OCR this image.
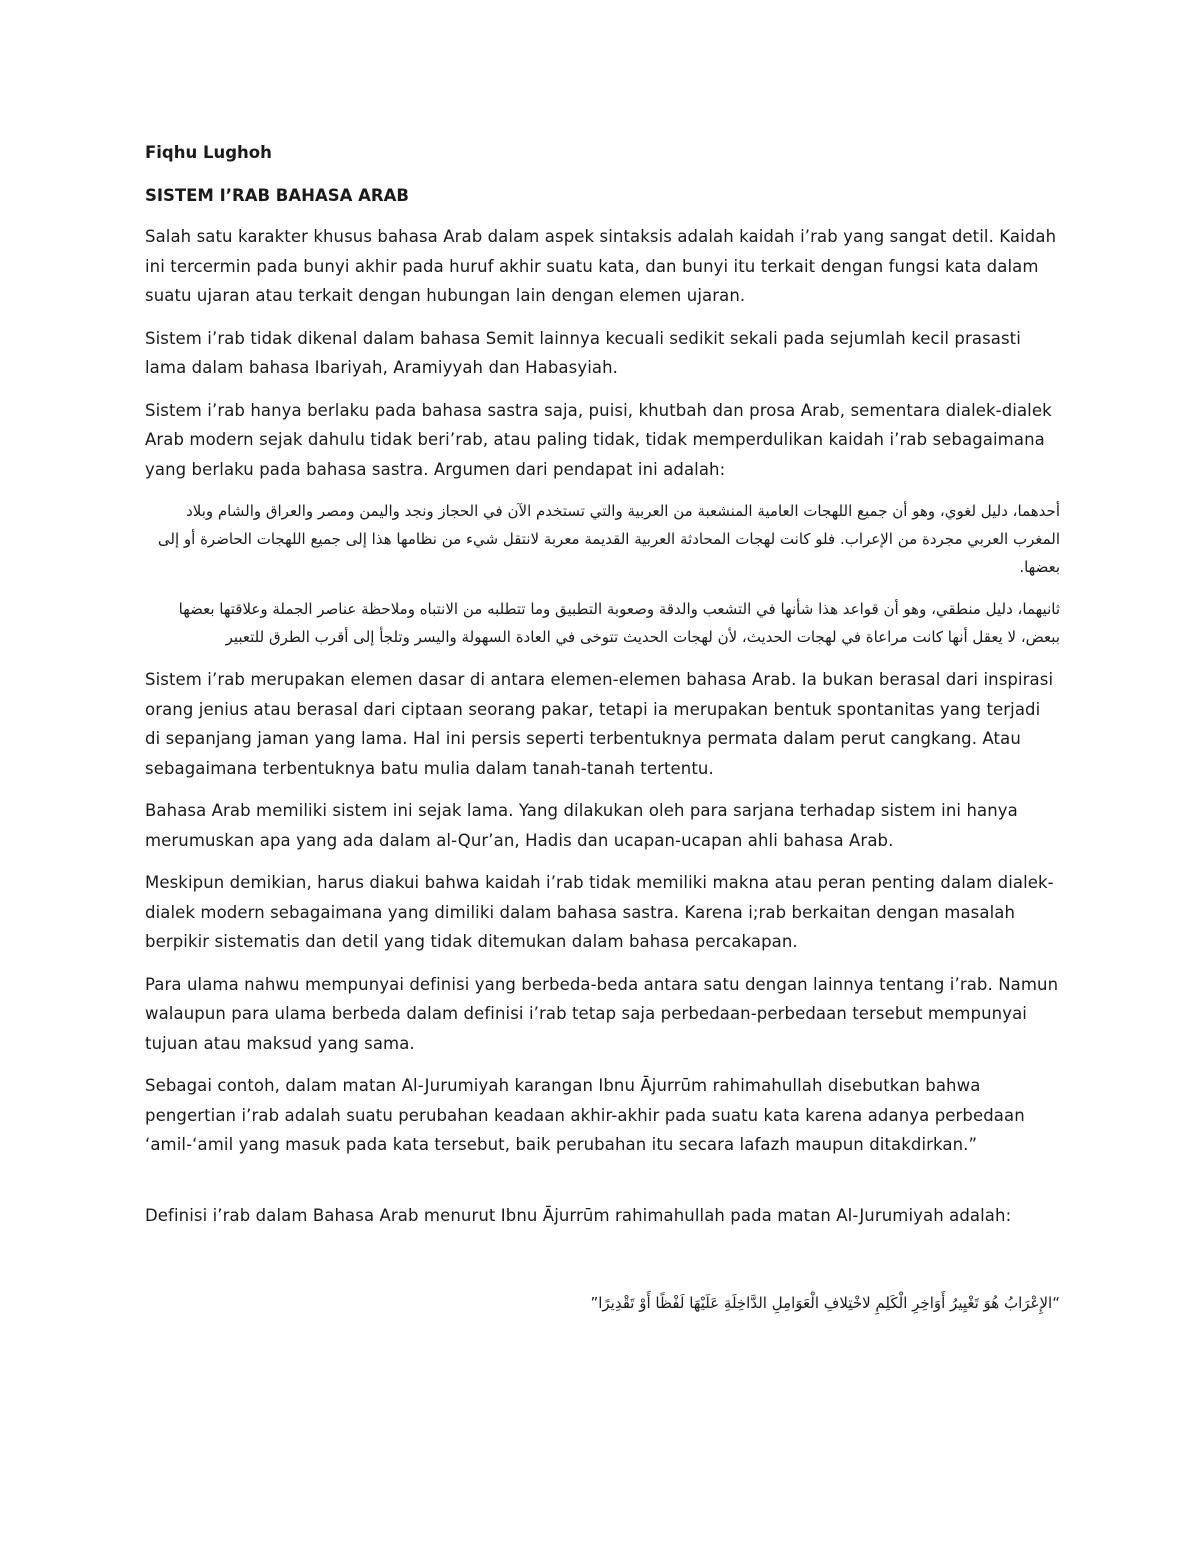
Fiqhu Lughoh
SISTEM I’RAB BAHASA ARAB

Salah satu karakter khusus bahasa Arab dalam aspek sintaksis adalah kaidah i’rab yang sangat detil. Kaidah ini tercermin pada bunyi akhir pada huruf akhir suatu kata, dan bunyi itu terkait dengan fungsi kata dalam suatu ujaran atau terkait dengan hubungan lain dengan elemen ujaran.

Sistem i’rab tidak dikenal dalam bahasa Semit lainnya kecuali sedikit sekali pada sejumlah kecil prasasti lama dalam bahasa Ibariyah, Aramiyyah dan Habasyiah.

Sistem i’rab hanya berlaku pada bahasa sastra saja, puisi, khutbah dan prosa Arab, sementara dialek-dialek Arab modern sejak dahulu tidak beri’rab, atau paling tidak, tidak memperdulikan kaidah i’rab sebagaimana yang berlaku pada bahasa sastra. Argumen dari pendapat ini adalah:

أحدهما، دليل لغوي، وهو أن جميع اللهجات العامية المنشعبة من العربية والتي تستخدم الآن في الحجاز ونجد واليمن ومصر والعراق والشام وبلاد المغرب العربي مجردة من الإعراب. فلو كانت لهجات المحادثة العربية القديمة معربة لانتقل شيء من نظامها هذا إلى جميع اللهجات الحاضرة أو إلى بعضها.

ثانيهما، دليل منطقي، وهو أن قواعد هذا شأنها في التشعب والدقة وصعوبة التطبيق وما تتطلبه من الانتباه وملاحظة عناصر الجملة وعلاقتها بعضها ببعض، لا يعقل أنها كانت مراعاة في لهجات الحديث، لأن لهجات الحديث تتوخى في العادة السهولة واليسر وتلجأ إلى أقرب الطرق للتعبير

Sistem i’rab merupakan elemen dasar di antara elemen-elemen bahasa Arab. Ia bukan berasal dari inspirasi orang jenius atau berasal dari ciptaan seorang pakar, tetapi ia merupakan bentuk spontanitas yang terjadi di sepanjang jaman yang lama. Hal ini persis seperti terbentuknya permata dalam perut cangkang. Atau sebagaimana terbentuknya batu mulia dalam tanah-tanah tertentu.

Bahasa Arab memiliki sistem ini sejak lama. Yang dilakukan oleh para sarjana terhadap sistem ini hanya merumuskan apa yang ada dalam al-Qur’an, Hadis dan ucapan-ucapan ahli bahasa Arab.

Meskipun demikian, harus diakui bahwa kaidah i’rab tidak memiliki makna atau peran penting dalam dialek-dialek modern sebagaimana yang dimiliki dalam bahasa sastra. Karena i;rab berkaitan dengan masalah berpikir sistematis dan detil yang tidak ditemukan dalam bahasa percakapan.

Para ulama nahwu mempunyai definisi yang berbeda-beda antara satu dengan lainnya tentang i’rab. Namun walaupun para ulama berbeda dalam definisi i’rab tetap saja perbedaan-perbedaan tersebut mempunyai tujuan atau maksud yang sama.

Sebagai contoh, dalam matan Al-Jurumiyah karangan Ibnu Ājurrūm rahimahullah disebutkan bahwa pengertian i’rab adalah suatu perubahan keadaan akhir-akhir pada suatu kata karena adanya perbedaan ‘amil-‘amil yang masuk pada kata tersebut, baik perubahan itu secara lafazh maupun ditakdirkan.”

Definisi i’rab dalam Bahasa Arab menurut Ibnu Ājurrūm rahimahullah pada matan Al-Jurumiyah adalah:

“الإِعْرَابُ هُوَ تَغْيِيرُ أَوَاخِرِ الْكَلِمِ لاخْتِلافِ الْعَوَامِلِ الدَّاخِلَةِ عَلَيْهَا لَفْظًا أَوْ تَقْدِيرًا”
